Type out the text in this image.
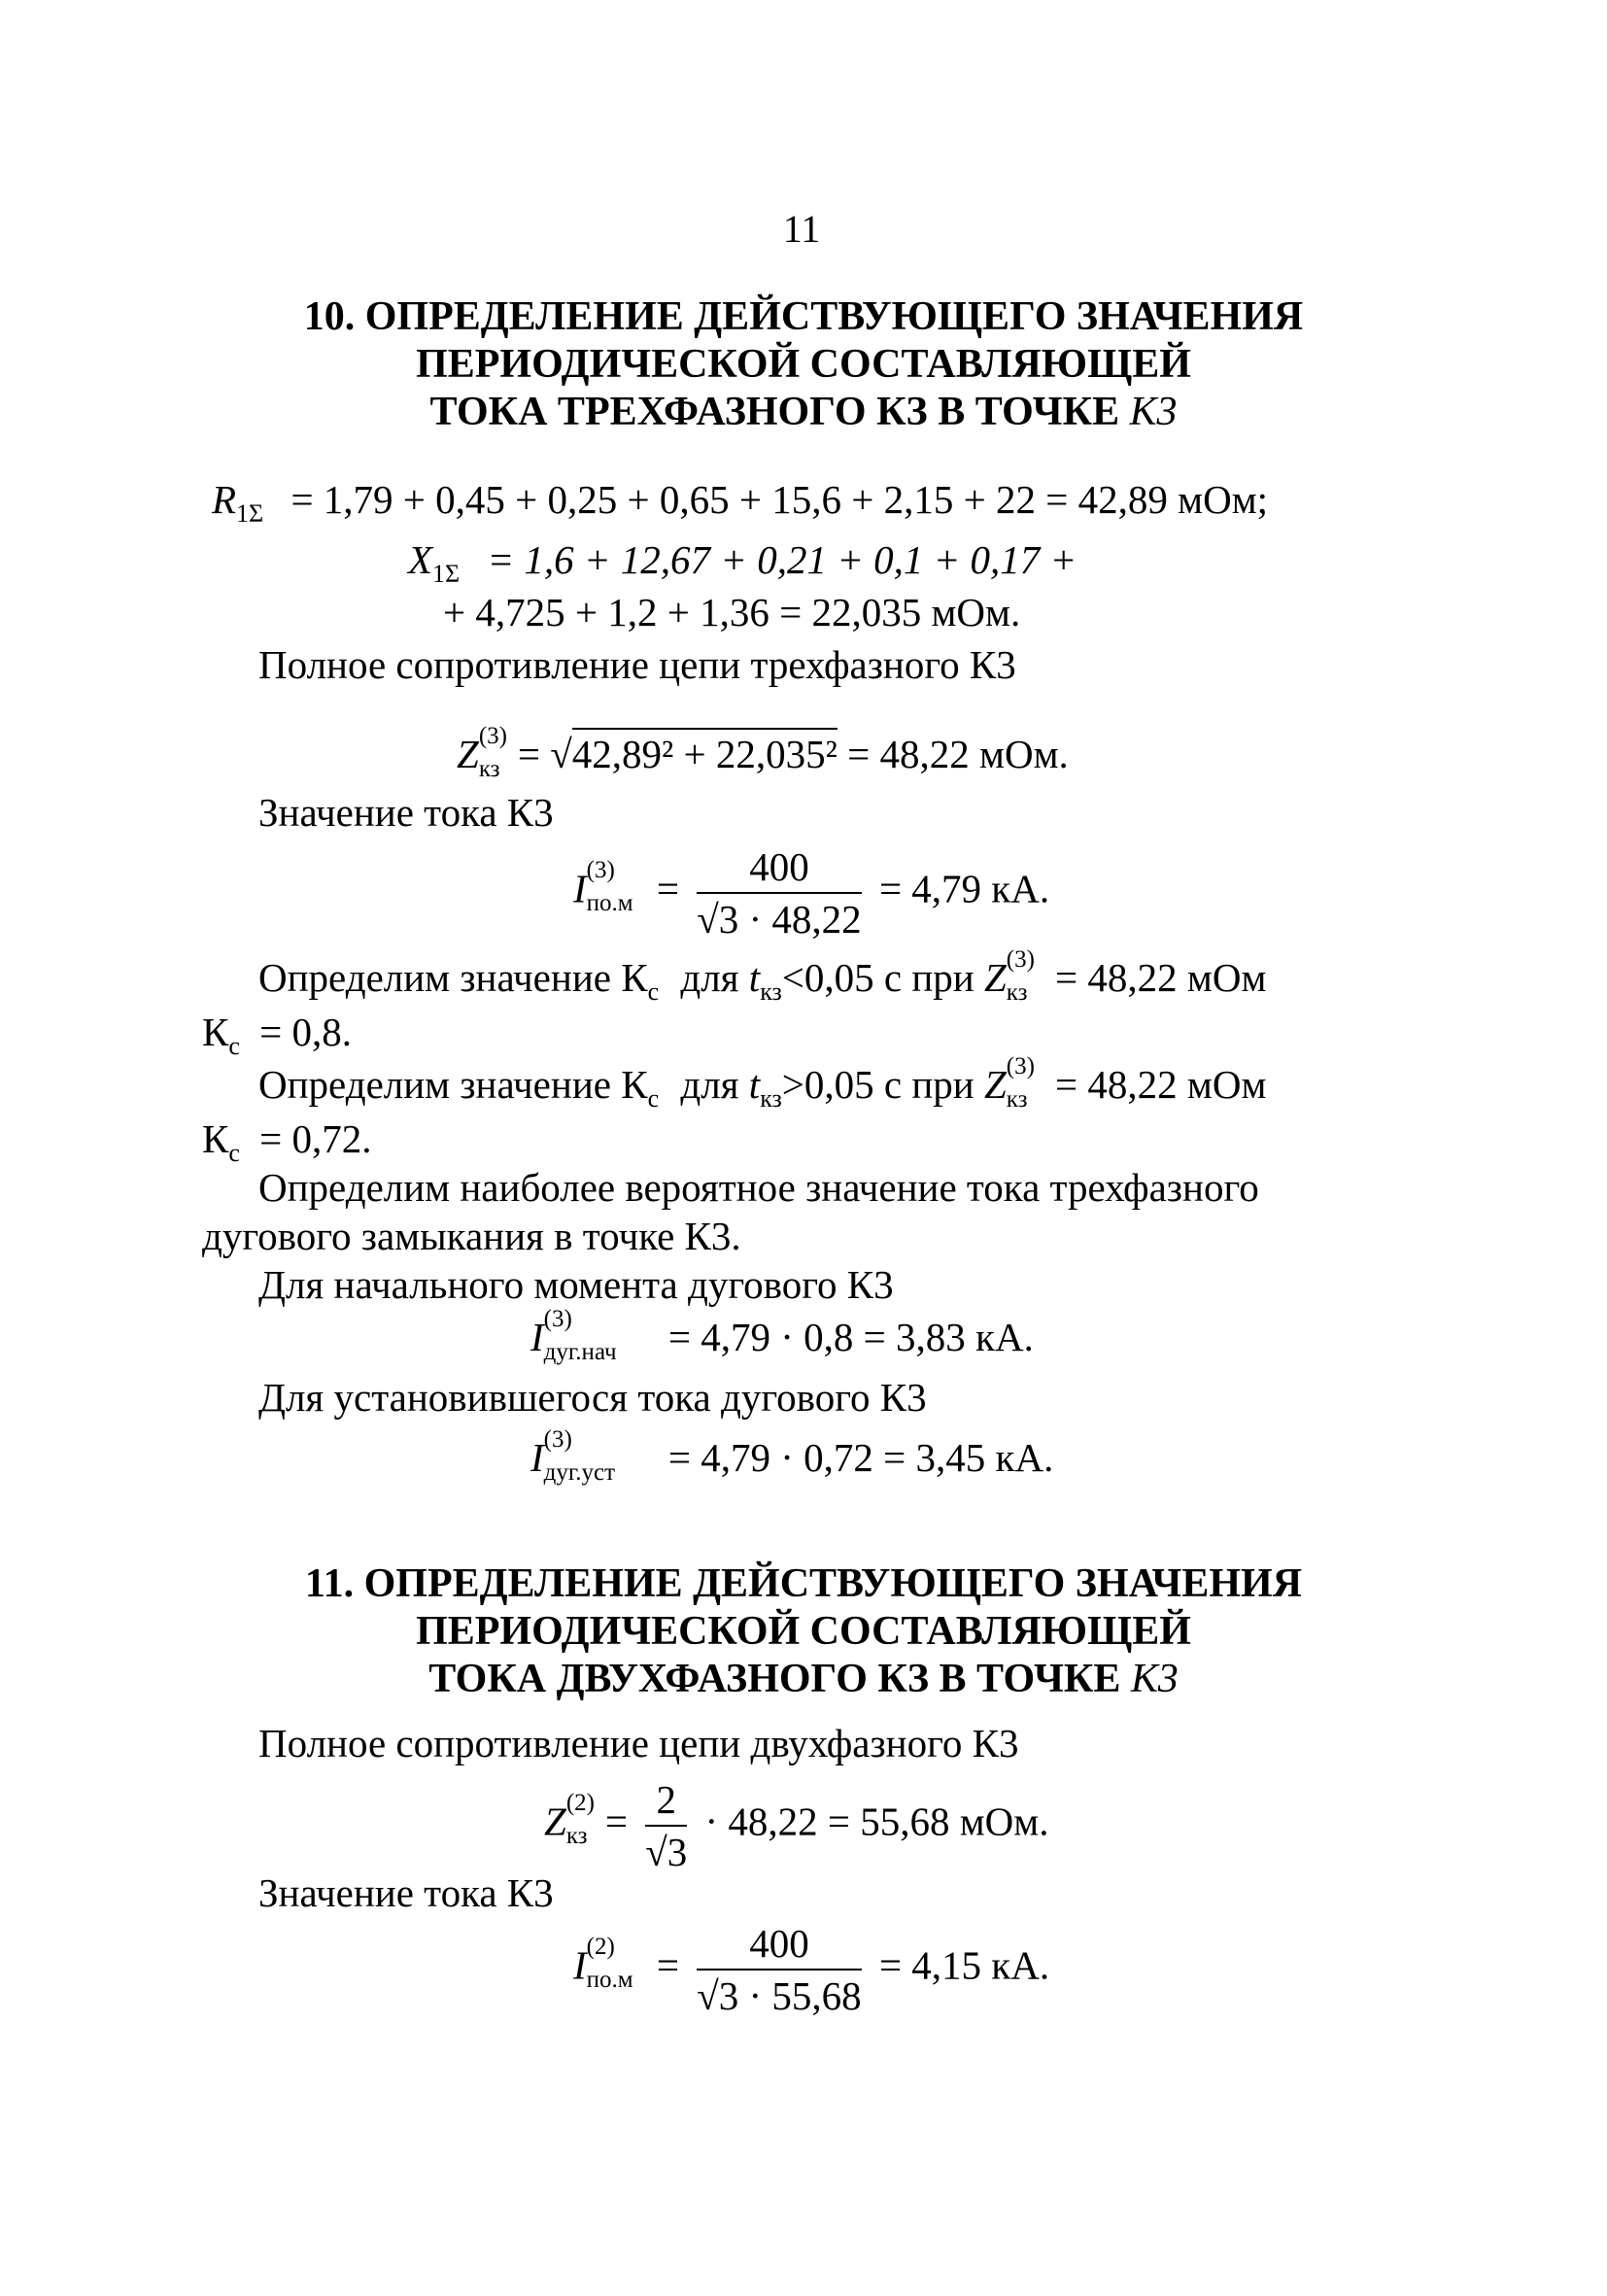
11
10. ОПРЕДЕЛЕНИЕ ДЕЙСТВУЮЩЕГО ЗНАЧЕНИЯ
ПЕРИОДИЧЕСКОЙ СОСТАВЛЯЮЩЕЙ
ТОКА ТРЕХФАЗНОГО КЗ В ТОЧКЕ К3
$R_{1\Sigma} = 1,79 + 0,45 + 0,25 + 0,65 + 15,6 + 2,15 + 22 = 42,89$ мОм;
$X_{1\Sigma} = 1,6 + 12,67 + 0,21 + 0,1 + 0,17$ +
+ 4,725 + 1,2 + 1,36 = 22,035 мОм.
Полное сопротивление цепи трехфазного К3
Z (3)
кз = √42,89² + 22,035² = 48,22 мОм.
Значение тока К3
I (3)
$по.м = \frac{400}{√3 \cdot 48,22} = 4,79$ кА.
Определим значение $К_с$ для $t_{кз}<0,05$ с при Z (3)
кз = 48,22 мОм
$К_с = 0,8$.
Определим значение $К_с$ для $t_{кз}>0,05$ с при Z (3)
кз = 48,22 мОм
$К_с = 0,72$.
Определим наиболее вероятное значение тока трехфазного
дугового замыкания в точке К3.
Для начального момента дугового К3
I (3)
дуг.нач = 4,79 · 0,8 = 3,83 кА.
Для установившегося тока дугового К3
I (3)
дуг.уст = 4,79 · 0,72 = 3,45 кА.
11. ОПРЕДЕЛЕНИЕ ДЕЙСТВУЮЩЕГО ЗНАЧЕНИЯ
ПЕРИОДИЧЕСКОЙ СОСТАВЛЯЮЩЕЙ
ТОКА ДВУХФАЗНОГО КЗ В ТОЧКЕ К3
Полное сопротивление цепи двухфазного К3
Z (2)
кз = $\frac{2}{√3} \cdot 48,22 = 55,68$ мОм.
Значение тока К3
I (2)
$по.м = \frac{400}{√3 \cdot 55,68} = 4,15$ кА.
